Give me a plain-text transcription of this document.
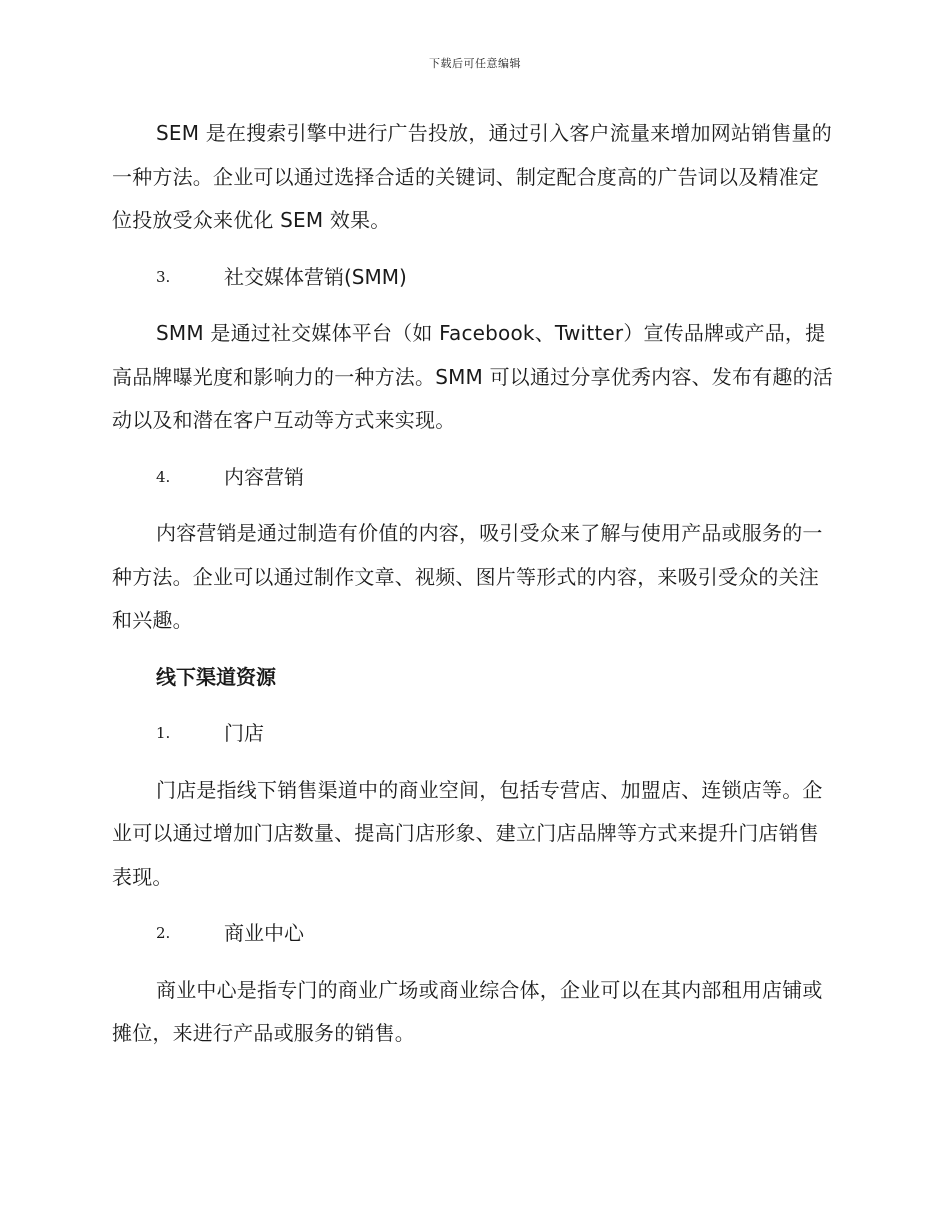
下载后可任意编辑

SEM 是在搜索引擎中进行广告投放，通过引入客户流量来增加网站销售量的一种方法。企业可以通过选择合适的关键词、制定配合度高的广告词以及精准定位投放受众来优化 SEM 效果。

3.	社交媒体营销(SMM)

SMM 是通过社交媒体平台（如 Facebook、Twitter）宣传品牌或产品，提高品牌曝光度和影响力的一种方法。SMM 可以通过分享优秀内容、发布有趣的活动以及和潜在客户互动等方式来实现。

4.	内容营销

内容营销是通过制造有价值的内容，吸引受众来了解与使用产品或服务的一种方法。企业可以通过制作文章、视频、图片等形式的内容，来吸引受众的关注和兴趣。

线下渠道资源
1.	门店

门店是指线下销售渠道中的商业空间，包括专营店、加盟店、连锁店等。企业可以通过增加门店数量、提高门店形象、建立门店品牌等方式来提升门店销售表现。

2.	商业中心

商业中心是指专门的商业广场或商业综合体，企业可以在其内部租用店铺或摊位，来进行产品或服务的销售。
